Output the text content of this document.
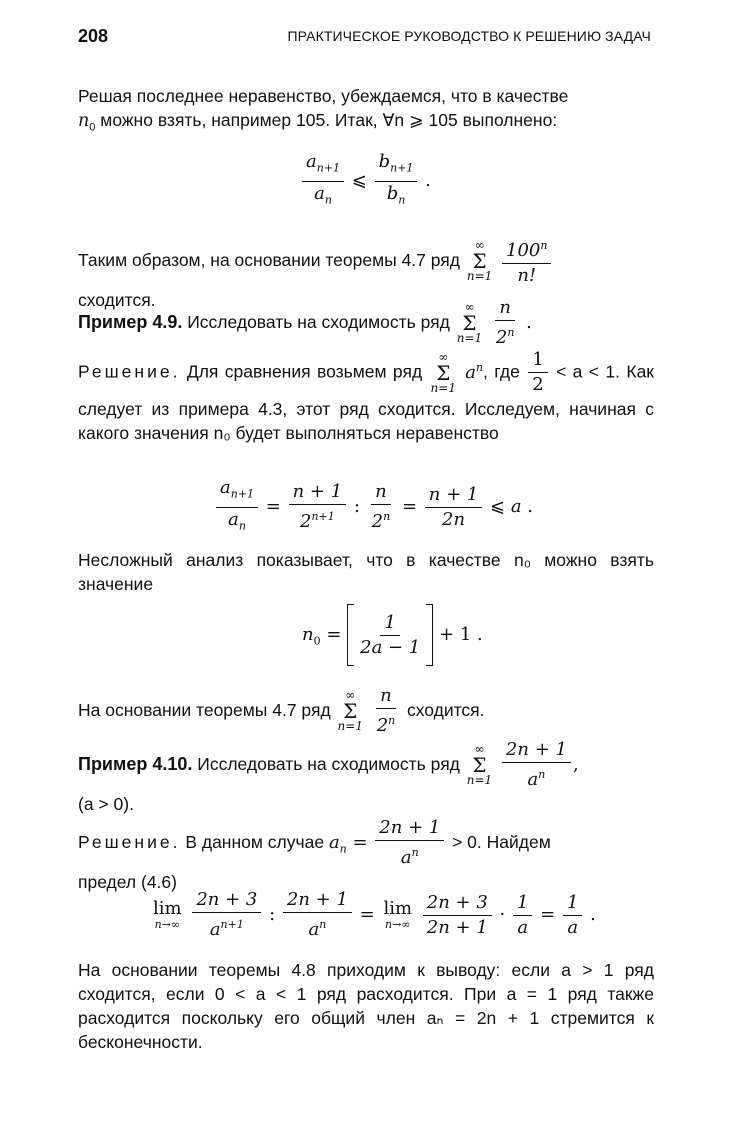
208	ПРАКТИЧЕСКОЕ РУКОВОДСТВО К РЕШЕНИЮ ЗАДАЧ

Решая последнее неравенство, убеждаемся, что в качестве
$n_0$ можно взять, например 105. Итак, ∀n ⩾ 105 выполнено:

$\frac{a_{n+1}}{a_n}$ ⩽ $\frac{b_{n+1}}{b_n}$ .

Таким образом, на основании теоремы 4.7 ряд
∞
Σ
n=1
$\frac{100^n}{n!}$

сходится.

Пример 4.9. Исследовать на сходимость ряд
∞
Σ
n=1
$\frac{n}{2^n}$ .

Решение. Для сравнения возьмем ряд
∞
Σ
n=1
$a^n$, где $\frac{1}{2} < a < 1$. Как следует из примера 4.3, этот ряд сходится. Исследуем, начиная с какого значения n₀ будет выполняться неравенство

$\frac{a_{n+1}}{a_n} = \frac{n + 1}{2^{n+1}}$ : $\frac{n}{2^n} = \frac{n + 1}{2n}$ ⩽ a .

Несложный анализ показывает, что в качестве n₀ можно взять значение

$n_0 = \frac{1}{2a - 1} + 1$ .

На основании теоремы 4.7 ряд
∞
Σ
n=1
$\frac{n}{2^n}$ сходится.

Пример 4.10. Исследовать на сходимость ряд
∞
Σ
n=1
$\frac{2n + 1}{a^n}$ ,
(a > 0).

Решение. В данном случае $a_n = \frac{2n + 1}{a^n} > 0$. Найдем
предел (4.6)

lim
n→∞
$\frac{2n + 3}{a^{n+1}}$ : $\frac{2n + 1}{a^n} = \lim$
n→∞
$\frac{2n + 3}{2n + 1} \cdot \frac{1}{a} = \frac{1}{a}$ .

На основании теоремы 4.8 приходим к выводу: если a > 1 ряд сходится, если 0 < a < 1 ряд расходится. При a = 1 ряд также расходится поскольку его общий член aₙ = 2n + 1 стремится к бесконечности.
